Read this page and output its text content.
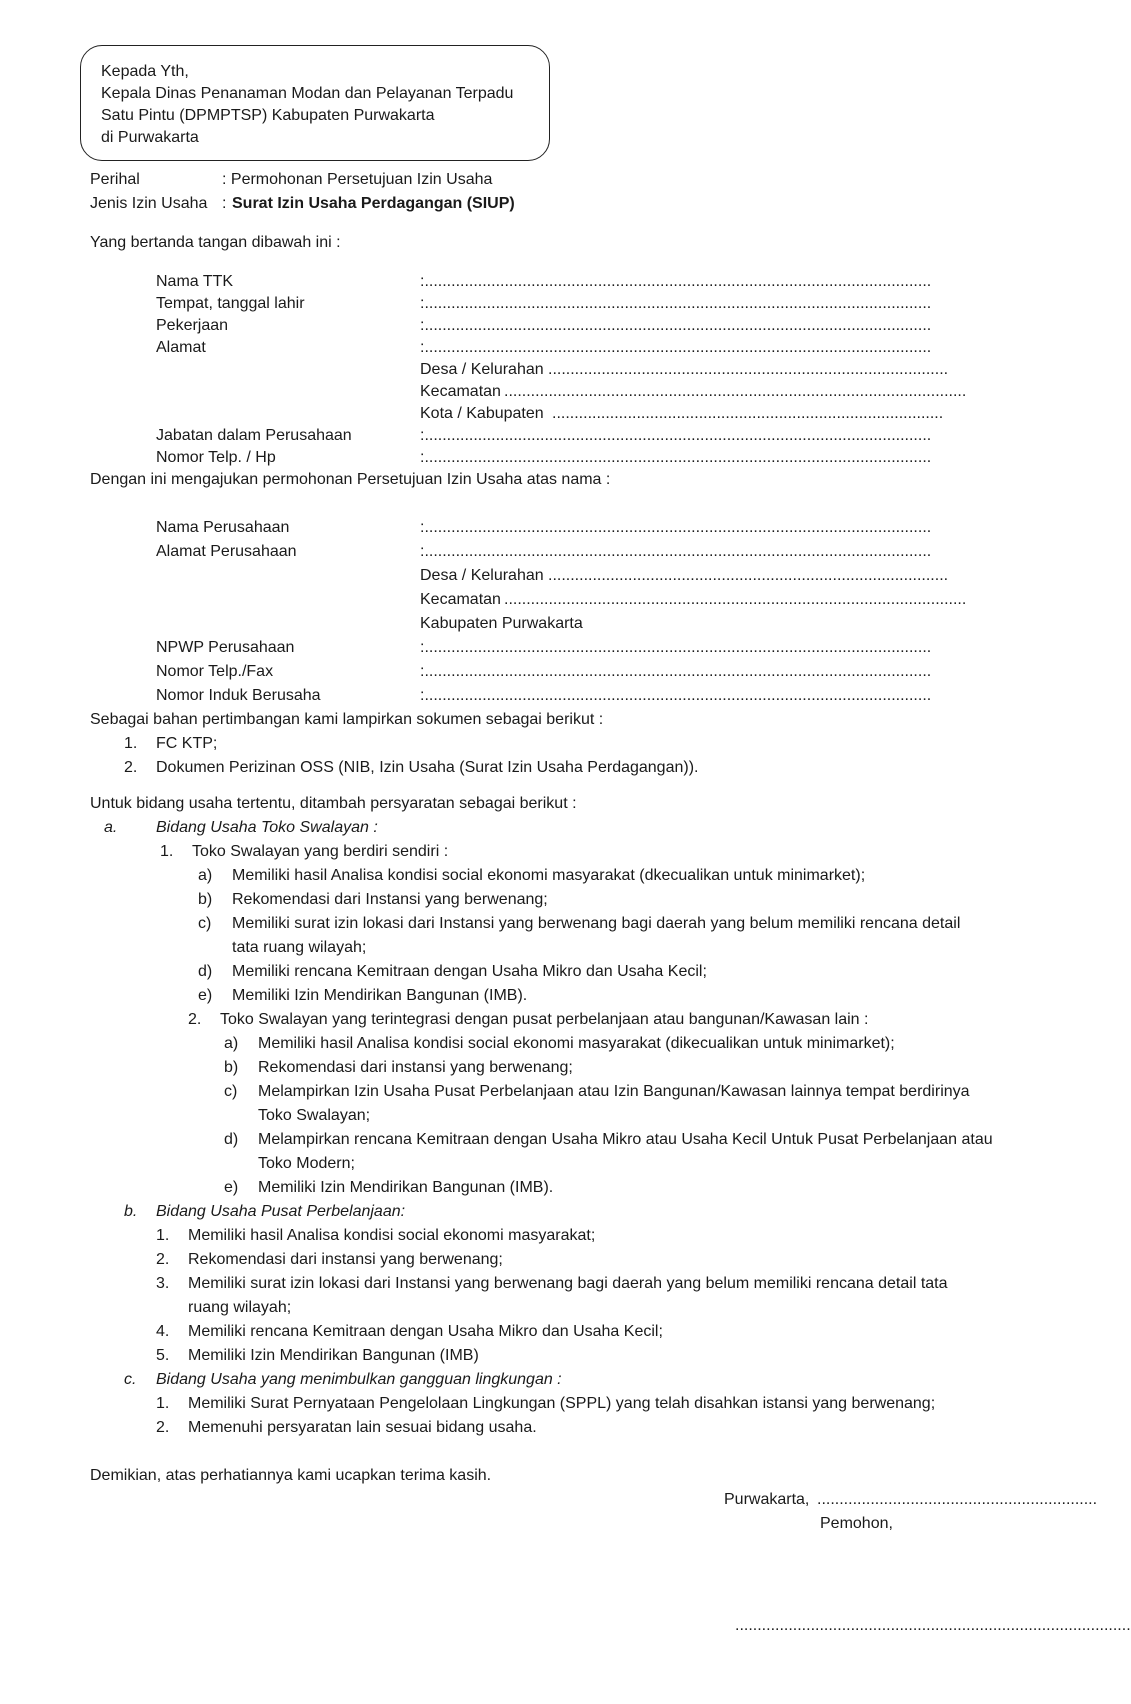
Kepada Yth,
Kepala Dinas Penanaman Modan dan Pelayanan Terpadu
Satu Pintu (DPMPTSP) Kabupaten Purwakarta
di Purwakarta
Perihal	: Permohonan Persetujuan Izin Usaha
Jenis Izin Usaha : Surat Izin Usaha Perdagangan (SIUP)
Yang bertanda tangan dibawah ini :
Nama TTK	:..................................................................................................................
Tempat, tanggal lahir	:..................................................................................................................
Pekerjaan	:..................................................................................................................
Alamat	:..................................................................................................................
Desa / Kelurahan ..........................................................................................
Kecamatan ........................................................................................................
Kota / Kabupaten ........................................................................................
Jabatan dalam Perusahaan	:..................................................................................................................
Nomor Telp. / Hp	:..................................................................................................................
Dengan ini mengajukan permohonan Persetujuan Izin Usaha atas nama :
Nama Perusahaan	:..................................................................................................................
Alamat Perusahaan	:..................................................................................................................
Desa / Kelurahan ..........................................................................................
Kecamatan ........................................................................................................
Kabupaten Purwakarta
NPWP Perusahaan	:..................................................................................................................
Nomor Telp./Fax	:..................................................................................................................
Nomor Induk Berusaha	:..................................................................................................................
Sebagai bahan pertimbangan kami lampirkan sokumen sebagai berikut :
1. FC KTP;
2. Dokumen Perizinan OSS (NIB, Izin Usaha (Surat Izin Usaha Perdagangan)).
Untuk bidang usaha tertentu, ditambah persyaratan sebagai berikut :
a. Bidang Usaha Toko Swalayan :
1. Toko Swalayan yang berdiri sendiri :
a) Memiliki hasil Analisa kondisi social ekonomi masyarakat (dkecualikan untuk minimarket);
b) Rekomendasi dari Instansi yang berwenang;
c) Memiliki surat izin lokasi dari Instansi yang berwenang bagi daerah yang belum memiliki rencana detail
tata ruang wilayah;
d) Memiliki rencana Kemitraan dengan Usaha Mikro dan Usaha Kecil;
e) Memiliki Izin Mendirikan Bangunan (IMB).
2. Toko Swalayan yang terintegrasi dengan pusat perbelanjaan atau bangunan/Kawasan lain :
a) Memiliki hasil Analisa kondisi social ekonomi masyarakat (dikecualikan untuk minimarket);
b) Rekomendasi dari instansi yang berwenang;
c) Melampirkan Izin Usaha Pusat Perbelanjaan atau Izin Bangunan/Kawasan lainnya tempat berdirinya
Toko Swalayan;
d) Melampirkan rencana Kemitraan dengan Usaha Mikro atau Usaha Kecil Untuk Pusat Perbelanjaan atau
Toko Modern;
e) Memiliki Izin Mendirikan Bangunan (IMB).
b. Bidang Usaha Pusat Perbelanjaan:
1. Memiliki hasil Analisa kondisi social ekonomi masyarakat;
2. Rekomendasi dari instansi yang berwenang;
3. Memiliki surat izin lokasi dari Instansi yang berwenang bagi daerah yang belum memiliki rencana detail tata
ruang wilayah;
4. Memiliki rencana Kemitraan dengan Usaha Mikro dan Usaha Kecil;
5. Memiliki Izin Mendirikan Bangunan (IMB)
c. Bidang Usaha yang menimbulkan gangguan lingkungan :
1. Memiliki Surat Pernyataan Pengelolaan Lingkungan (SPPL) yang telah disahkan istansi yang berwenang;
2. Memenuhi persyaratan lain sesuai bidang usaha.
Demikian, atas perhatiannya kami ucapkan terima kasih.
Purwakarta, ...............................................................
Pemohon,
.........................................................................................
